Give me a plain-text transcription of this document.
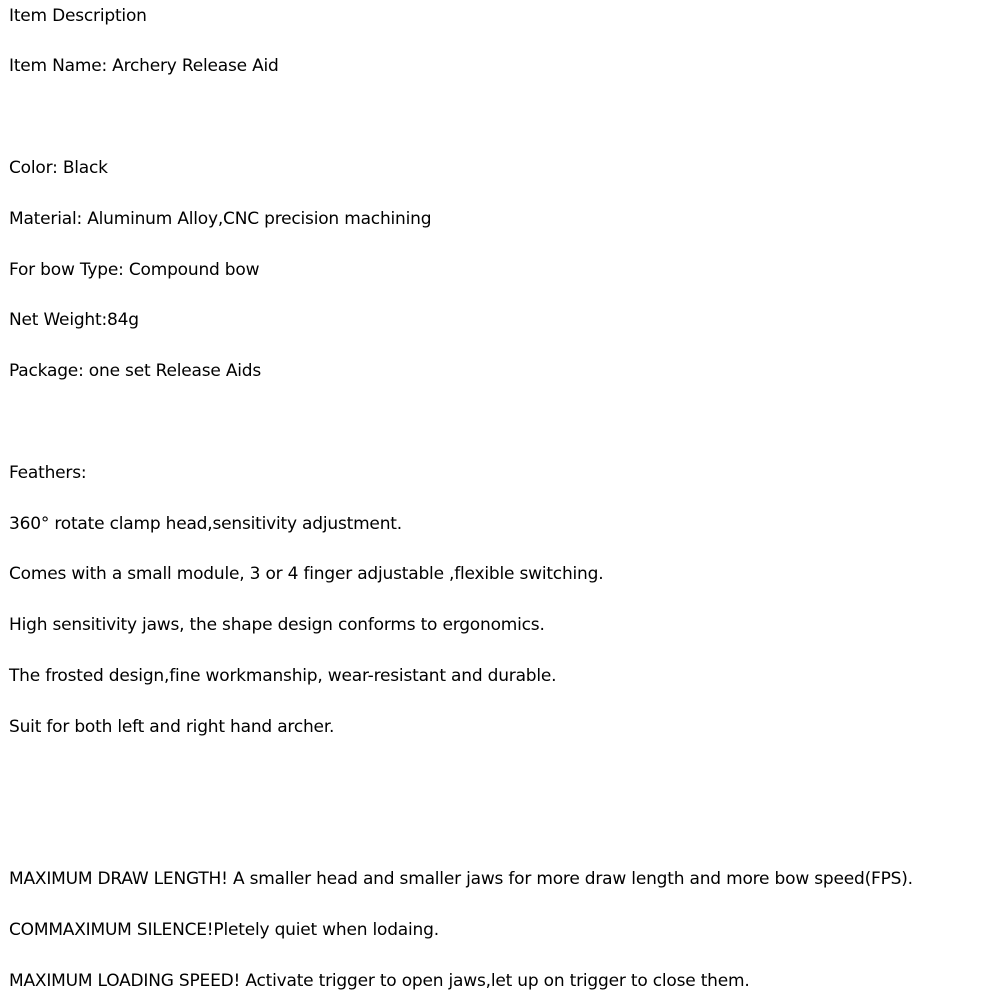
Item Description
Item Name: Archery Release Aid
Color: Black
Material: Aluminum Alloy,CNC precision machining
For bow Type: Compound bow
Net Weight:84g
Package: one set Release Aids
Feathers:
360° rotate clamp head,sensitivity adjustment.
Comes with a small module, 3 or 4 finger adjustable ,flexible switching.
High sensitivity jaws, the shape design conforms to ergonomics.
The frosted design,fine workmanship, wear-resistant and durable.
Suit for both left and right hand archer.
MAXIMUM DRAW LENGTH! A smaller head and smaller jaws for more draw length and more bow speed(FPS).
COMMAXIMUM SILENCE!Pletely quiet when lodaing.
MAXIMUM LOADING SPEED! Activate trigger to open jaws,let up on trigger to close them.
